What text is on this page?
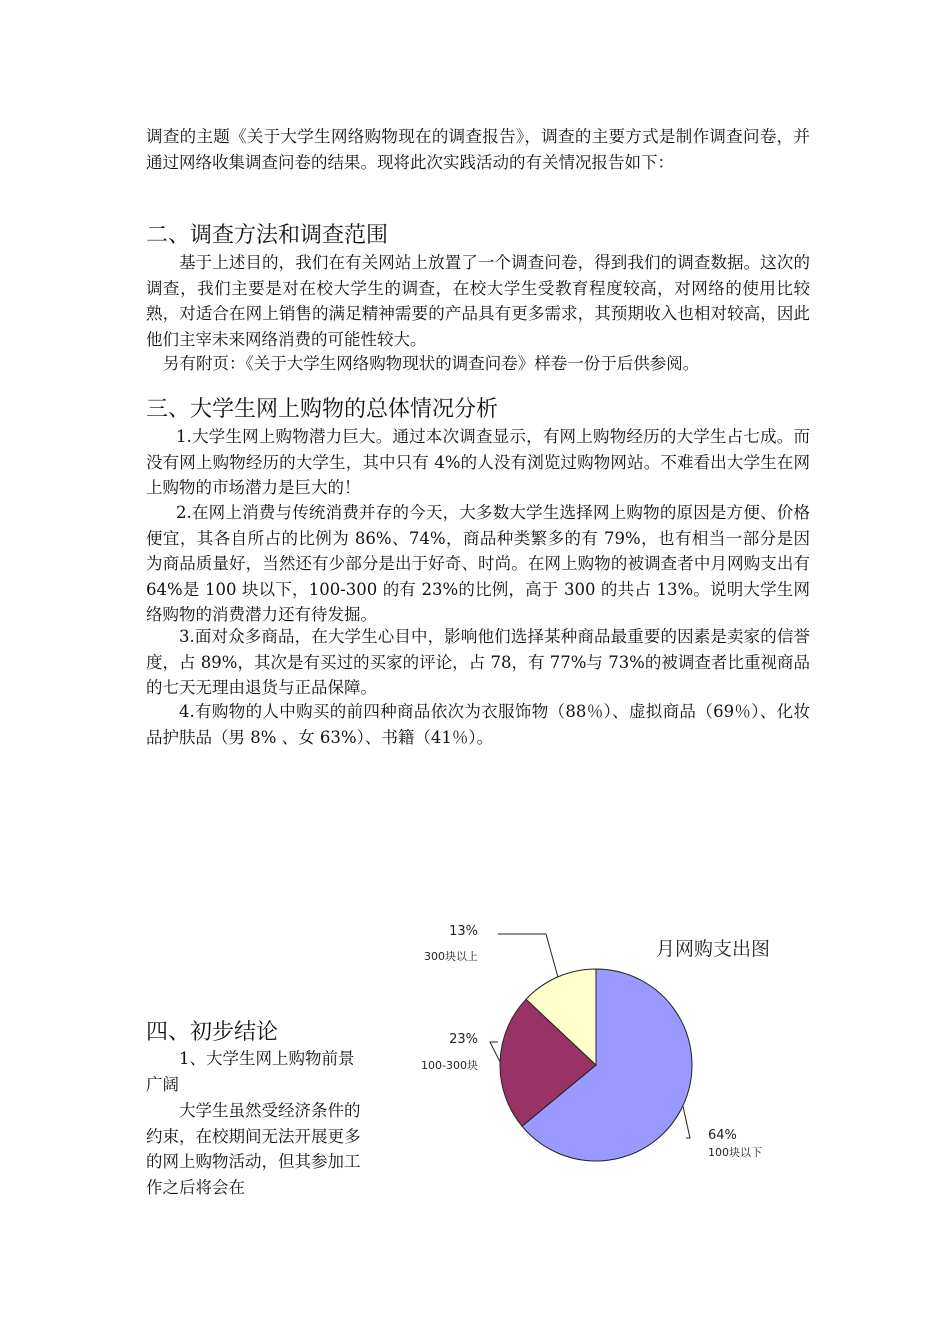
调查的主题《关于大学生网络购物现在的调查报告》，调查的主要方式是制作调查问卷，并通过网络收集调查问卷的结果。现将此次实践活动的有关情况报告如下：

二、调查方法和调查范围

基于上述目的，我们在有关网站上放置了一个调查问卷，得到我们的调查数据。这次的调查，我们主要是对在校大学生的调查，在校大学生受教育程度较高，对网络的使用比较熟，对适合在网上销售的满足精神需要的产品具有更多需求，其预期收入也相对较高，因此他们主宰未来网络消费的可能性较大。

另有附页：《关于大学生网络购物现状的调查问卷》样卷一份于后供参阅。

三、大学生网上购物的总体情况分析

1.大学生网上购物潜力巨大。通过本次调查显示，有网上购物经历的大学生占七成。而没有网上购物经历的大学生，其中只有 4%的人没有浏览过购物网站。不难看出大学生在网上购物的市场潜力是巨大的！

2.在网上消费与传统消费并存的今天，大多数大学生选择网上购物的原因是方便、价格便宜，其各自所占的比例为 86%、74%，商品种类繁多的有 79%，也有相当一部分是因为商品质量好，当然还有少部分是出于好奇、时尚。在网上购物的被调查者中月网购支出有 64%是 100 块以下，100-300 的有 23%的比例，高于 300 的共占 13%。说明大学生网络购物的消费潜力还有待发掘。

3.面对众多商品，在大学生心目中，影响他们选择某种商品最重要的因素是卖家的信誉度，占 89%，其次是有买过的买家的评论，占 78，有 77%与 73%的被调查者比重视商品的七天无理由退货与正品保障。

4.有购物的人中购买的前四种商品依次为衣服饰物（88％）、虚拟商品（69％）、化妆品护肤品（男 8% 、女 63%）、书籍（41％）。

四、初步结论

1、大学生网上购物前景广阔

大学生虽然受经济条件的约束，在校期间无法开展更多的网上购物活动，但其参加工作之后将会在

64%
100块以下
23%
100-300块
13%
300块以上	月网购支出图
